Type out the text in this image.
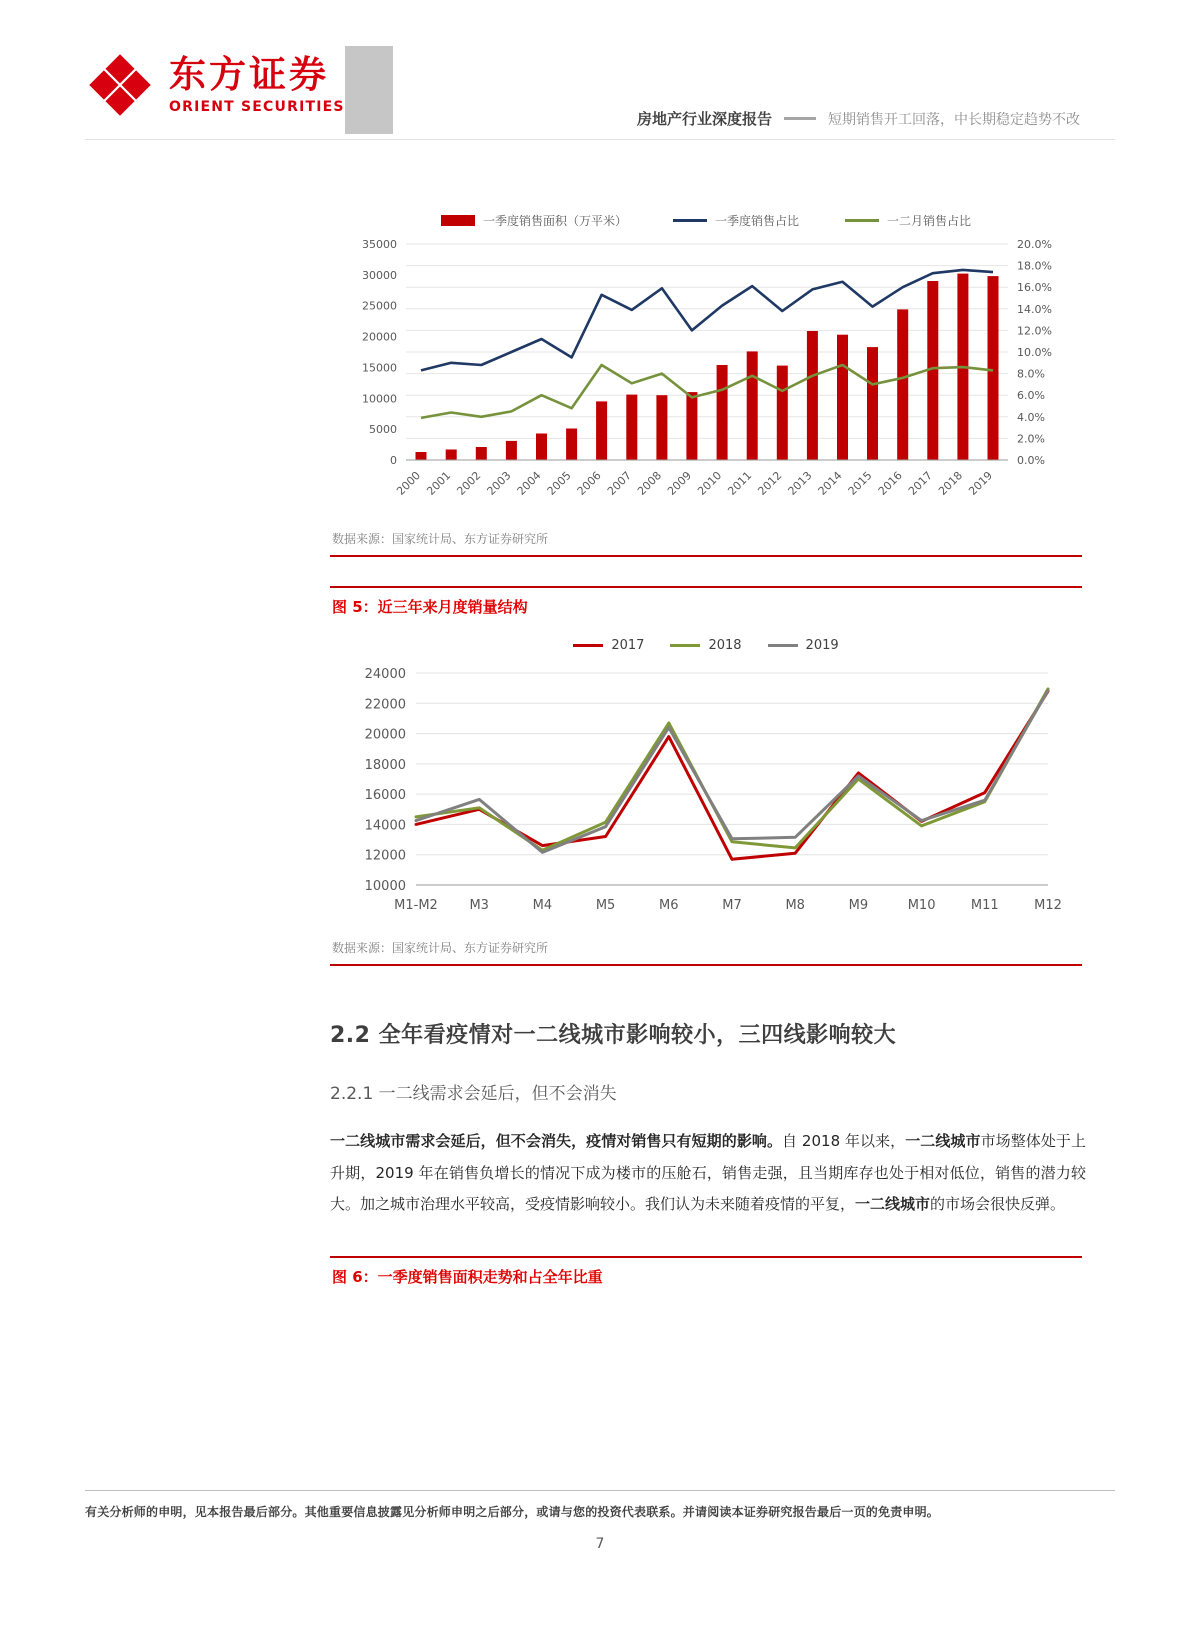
东方证券
ORIENT SECURITIES
房地产行业深度报告	短期销售开工回落，中长期稳定趋势不改
一季度销售面积（万平米）	一季度销售占比	一二月销售占比
0.0%
2.0%
4.0%
6.0%
8.0%
10.0%
12.0%
14.0%
16.0%
18.0%
20.0%
0
5000
10000
15000
20000
25000
30000
35000
2000 2001 2002 2003 2004 2005 2006 2007 2008 2009 2010 2011 2012 2013 2014 2015 2016 2017 2018 2019
数据来源：国家统计局、东方证券研究所
图 5：近三年来月度销量结构
2017	2018	2019
10000
12000
14000
16000
18000
20000
22000
24000
M1-M2 M3	M4	M5	M6	M7	M8	M9	M10	M11	M12
数据来源：国家统计局、东方证券研究所
2.2 全年看疫情对一二线城市影响较小，三四线影响较大
2.2.1 一二线需求会延后，但不会消失
一二线城市需求会延后，但不会消失，疫情对销售只有短期的影响。自 2018 年以来，一二线城市市场整体处于上升期，2019 年在销售负增长的情况下成为楼市的压舱石，销售走强，且当期库存也处于相对低位，销售的潜力较大。加之城市治理水平较高，受疫情影响较小。我们认为未来随着疫情的平复，一二线城市的市场会很快反弹。
图 6：一季度销售面积走势和占全年比重
有关分析师的申明，见本报告最后部分。其他重要信息披露见分析师申明之后部分，或请与您的投资代表联系。并请阅读本证券研究报告最后一页的免责申明。
7
